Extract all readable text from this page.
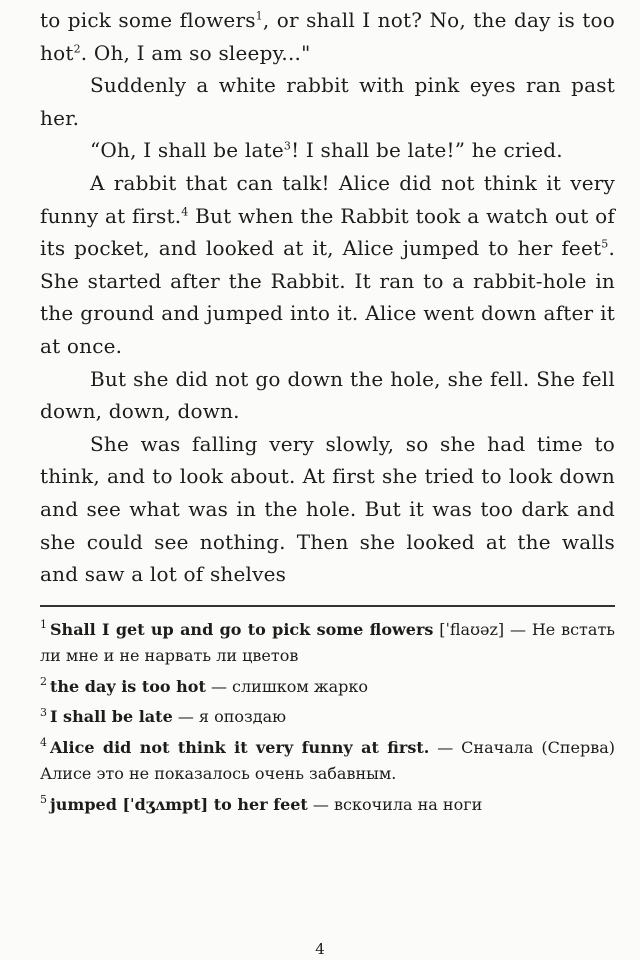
to pick some flowers$^1$, or shall I not? No, the day is too hot$^2$. Oh, I am so sleepy..."

Suddenly a white rabbit with pink eyes ran past her.

“Oh, I shall be late$^3$! I shall be late!” he cried.

A rabbit that can talk! Alice did not think it very funny at first.$^4$ But when the Rabbit took a watch out of its pocket, and looked at it, Alice jumped to her feet$^5$. She started after the Rabbit. It ran to a rabbit-hole in the ground and jumped into it. Alice went down after it at once.

But she did not go down the hole, she fell. She fell down, down, down.

She was falling very slowly, so she had time to think, and to look about. At first she tried to look down and see what was in the hole. But it was too dark and she could see nothing. Then she looked at the walls and saw a lot of shelves

$^1$ Shall I get up and go to pick some flowers [ˈflaʊəz] — Не встать ли мне и не нарвать ли цветов
$^2$ the day is too hot — слишком жарко
$^3$ I shall be late — я опоздаю
$^4$ Alice did not think it very funny at first. — Сначала (Сперва) Алисе это не показалось очень забавным.
$^5$ jumped [ˈdʒʌmpt] to her feet — вскочила на ноги
4
